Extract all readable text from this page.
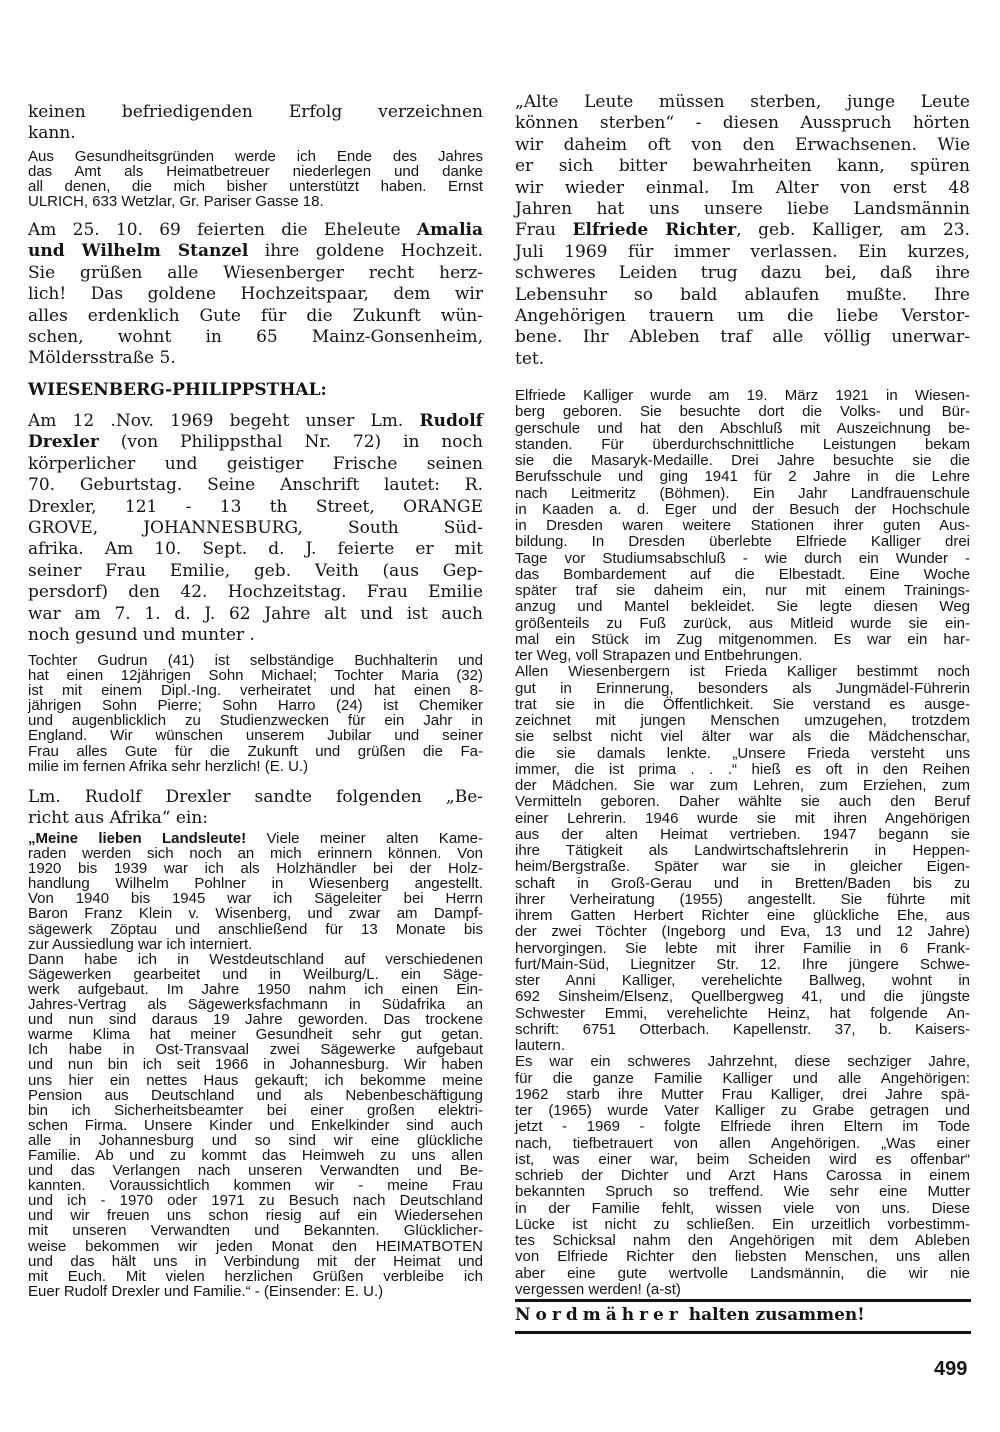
keinen befriedigenden Erfolg verzeichnen
kann.
Aus Gesundheitsgründen werde ich Ende des Jahres
das Amt als Heimatbetreuer niederlegen und danke
all denen, die mich bisher unterstützt haben. Ernst
ULRICH, 633 Wetzlar, Gr. Pariser Gasse 18.
Am 25. 10. 69 feierten die Eheleute Amalia
und Wilhelm Stanzel ihre goldene Hochzeit.
Sie grüßen alle Wiesenberger recht herz-
lich! Das goldene Hochzeitspaar, dem wir
alles erdenklich Gute für die Zukunft wün-
schen, wohnt in 65 Mainz-Gonsenheim,
Möldersstraße 5.
WIESENBERG-PHILIPPSTHAL:
Am 12 .Nov. 1969 begeht unser Lm. Rudolf
Drexler (von Philippsthal Nr. 72) in noch
körperlicher und geistiger Frische seinen
70. Geburtstag. Seine Anschrift lautet: R.
Drexler, 121 - 13 th Street, ORANGE
GROVE, JOHANNESBURG, South Süd-
afrika. Am 10. Sept. d. J. feierte er mit
seiner Frau Emilie, geb. Veith (aus Gep-
persdorf) den 42. Hochzeitstag. Frau Emilie
war am 7. 1. d. J. 62 Jahre alt und ist auch
noch gesund und munter .
Tochter Gudrun (41) ist selbständige Buchhalterin und
hat einen 12jährigen Sohn Michael; Tochter Maria (32)
ist mit einem Dipl.-Ing. verheiratet und hat einen 8-
jährigen Sohn Pierre; Sohn Harro (24) ist Chemiker
und augenblicklich zu Studienzwecken für ein Jahr in
England. Wir wünschen unserem Jubilar und seiner
Frau alles Gute für die Zukunft und grüßen die Fa-
milie im fernen Afrika sehr herzlich! (E. U.)
Lm. Rudolf Drexler sandte folgenden „Be-
richt aus Afrika“ ein:
„Meine lieben Landsleute! Viele meiner alten Kame-
raden werden sich noch an mich erinnern können. Von
1920 bis 1939 war ich als Holzhändler bei der Holz-
handlung Wilhelm Pohlner in Wiesenberg angestellt.
Von 1940 bis 1945 war ich Sägeleiter bei Herrn
Baron Franz Klein v. Wisenberg, und zwar am Dampf-
sägewerk Zöptau und anschließend für 13 Monate bis
zur Aussiedlung war ich interniert.
Dann habe ich in Westdeutschland auf verschiedenen
Sägewerken gearbeitet und in Weilburg/L. ein Säge-
werk aufgebaut. Im Jahre 1950 nahm ich einen Ein-
Jahres-Vertrag als Sägewerksfachmann in Südafrika an
und nun sind daraus 19 Jahre geworden. Das trockene
warme Klima hat meiner Gesundheit sehr gut getan.
Ich habe in Ost-Transvaal zwei Sägewerke aufgebaut
und nun bin ich seit 1966 in Johannesburg. Wir haben
uns hier ein nettes Haus gekauft; ich bekomme meine
Pension aus Deutschland und als Nebenbeschäftigung
bin ich Sicherheitsbeamter bei einer großen elektri-
schen Firma. Unsere Kinder und Enkelkinder sind auch
alle in Johannesburg und so sind wir eine glückliche
Familie. Ab und zu kommt das Heimweh zu uns allen
und das Verlangen nach unseren Verwandten und Be-
kannten. Voraussichtlich kommen wir - meine Frau
und ich - 1970 oder 1971 zu Besuch nach Deutschland
und wir freuen uns schon riesig auf ein Wiedersehen
mit unseren Verwandten und Bekannten. Glücklicher-
weise bekommen wir jeden Monat den HEIMATBOTEN
und das hält uns in Verbindung mit der Heimat und
mit Euch. Mit vielen herzlichen Grüßen verbleibe ich
Euer Rudolf Drexler und Familie.“ - (Einsender: E. U.)
„Alte Leute müssen sterben, junge Leute
können sterben“ - diesen Ausspruch hörten
wir daheim oft von den Erwachsenen. Wie
er sich bitter bewahrheiten kann, spüren
wir wieder einmal. Im Alter von erst 48
Jahren hat uns unsere liebe Landsmännin
Frau Elfriede Richter, geb. Kalliger, am 23.
Juli 1969 für immer verlassen. Ein kurzes,
schweres Leiden trug dazu bei, daß ihre
Lebensuhr so bald ablaufen mußte. Ihre
Angehörigen trauern um die liebe Verstor-
bene. Ihr Ableben traf alle völlig unerwar-
tet.
Elfriede Kalliger wurde am 19. März 1921 in Wiesen-
berg geboren. Sie besuchte dort die Volks- und Bür-
gerschule und hat den Abschluß mit Auszeichnung be-
standen. Für überdurchschnittliche Leistungen bekam
sie die Masaryk-Medaille. Drei Jahre besuchte sie die
Berufsschule und ging 1941 für 2 Jahre in die Lehre
nach Leitmeritz (Böhmen). Ein Jahr Landfrauenschule
in Kaaden a. d. Eger und der Besuch der Hochschule
in Dresden waren weitere Stationen ihrer guten Aus-
bildung. In Dresden überlebte Elfriede Kalliger drei
Tage vor Studiumsabschluß - wie durch ein Wunder -
das Bombardement auf die Elbestadt. Eine Woche
später traf sie daheim ein, nur mit einem Trainings-
anzug und Mantel bekleidet. Sie legte diesen Weg
größenteils zu Fuß zurück, aus Mitleid wurde sie ein-
mal ein Stück im Zug mitgenommen. Es war ein har-
ter Weg, voll Strapazen und Entbehrungen.
Allen Wiesenbergern ist Frieda Kalliger bestimmt noch
gut in Erinnerung, besonders als Jungmädel-Führerin
trat sie in die Öffentlichkeit. Sie verstand es ausge-
zeichnet mit jungen Menschen umzugehen, trotzdem
sie selbst nicht viel älter war als die Mädchenschar,
die sie damals lenkte. „Unsere Frieda versteht uns
immer, die ist prima . . .“ hieß es oft in den Reihen
der Mädchen. Sie war zum Lehren, zum Erziehen, zum
Vermitteln geboren. Daher wählte sie auch den Beruf
einer Lehrerin. 1946 wurde sie mit ihren Angehörigen
aus der alten Heimat vertrieben. 1947 begann sie
ihre Tätigkeit als Landwirtschaftslehrerin in Heppen-
heim/Bergstraße. Später war sie in gleicher Eigen-
schaft in Groß-Gerau und in Bretten/Baden bis zu
ihrer Verheiratung (1955) angestellt. Sie führte mit
ihrem Gatten Herbert Richter eine glückliche Ehe, aus
der zwei Töchter (Ingeborg und Eva, 13 und 12 Jahre)
hervorgingen. Sie lebte mit ihrer Familie in 6 Frank-
furt/Main-Süd, Liegnitzer Str. 12. Ihre jüngere Schwe-
ster Anni Kalliger, verehelichte Ballweg, wohnt in
692 Sinsheim/Elsenz, Quellbergweg 41, und die jüngste
Schwester Emmi, verehelichte Heinz, hat folgende An-
schrift: 6751 Otterbach. Kapellenstr. 37, b. Kaisers-
lautern.
Es war ein schweres Jahrzehnt, diese sechziger Jahre,
für die ganze Familie Kalliger und alle Angehörigen:
1962 starb ihre Mutter Frau Kalliger, drei Jahre spä-
ter (1965) wurde Vater Kalliger zu Grabe getragen und
jetzt - 1969 - folgte Elfriede ihren Eltern im Tode
nach, tiefbetrauert von allen Angehörigen. „Was einer
ist, was einer war, beim Scheiden wird es offenbar“
schrieb der Dichter und Arzt Hans Carossa in einem
bekannten Spruch so treffend. Wie sehr eine Mutter
in der Familie fehlt, wissen viele von uns. Diese
Lücke ist nicht zu schließen. Ein urzeitlich vorbestimm-
tes Schicksal nahm den Angehörigen mit dem Ableben
von Elfriede Richter den liebsten Menschen, uns allen
aber eine gute wertvolle Landsmännin, die wir nie
vergessen werden! (a-st)
Nordmährer halten zusammen!
499
